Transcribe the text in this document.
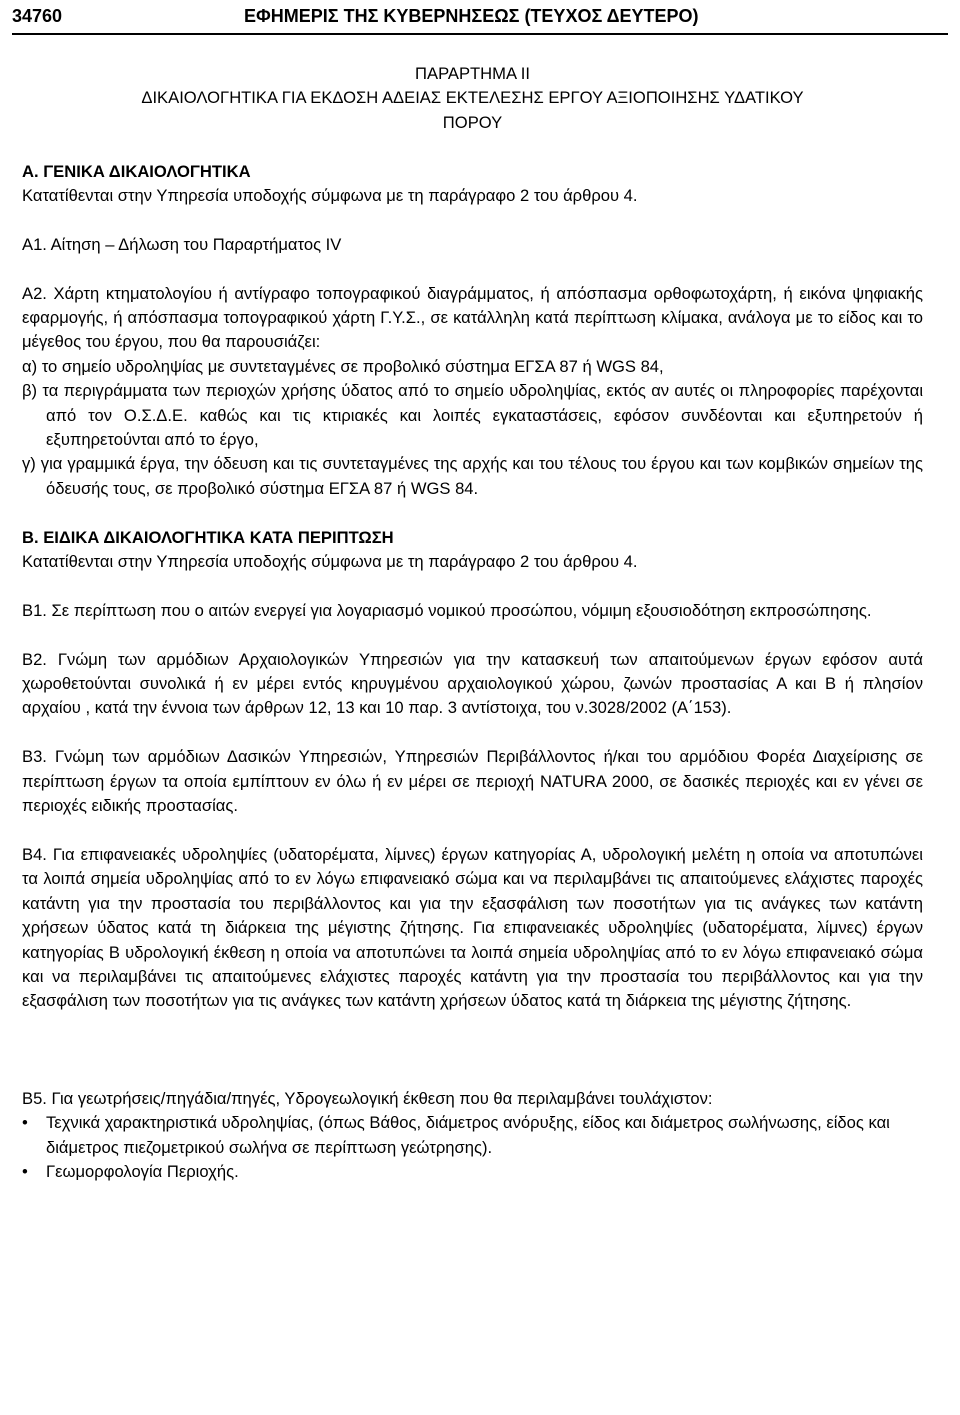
34760	ΕΦΗΜΕΡΙΣ ΤΗΣ ΚΥΒΕΡΝΗΣΕΩΣ (ΤΕΥΧΟΣ ΔΕΥΤΕΡΟ)
ΠΑΡΑΡΤΗΜΑ ΙΙ
ΔΙΚΑΙΟΛΟΓΗΤΙΚΑ ΓΙΑ ΕΚΔΟΣΗ ΑΔΕΙΑΣ ΕΚΤΕΛΕΣΗΣ ΕΡΓΟΥ ΑΞΙΟΠΟΙΗΣΗΣ ΥΔΑΤΙΚΟΥ
ΠΟΡΟΥ
Α. ΓΕΝΙΚΑ ΔΙΚΑΙΟΛΟΓΗΤΙΚΑ

Κατατίθενται στην Υπηρεσία υποδοχής σύμφωνα με τη παράγραφο 2 του άρθρου 4.

Α1. Αίτηση – Δήλωση του Παραρτήματος IV

Α2. Χάρτη κτηματολογίου ή αντίγραφο τοπογραφικού διαγράμματος, ή απόσπασμα ορθοφωτοχάρτη, ή εικόνα ψηφιακής εφαρμογής, ή απόσπασμα τοπογραφικού χάρτη Γ.Υ.Σ., σε κατάλληλη κατά περίπτωση κλίμακα, ανάλογα με το είδος και το μέγεθος του έργου, που θα παρουσιάζει:

α) το σημείο υδροληψίας με συντεταγμένες σε προβολικό σύστημα ΕΓΣΑ 87 ή WGS 84,

β) τα περιγράμματα των περιοχών χρήσης ύδατος από το σημείο υδροληψίας, εκτός αν αυτές οι πληροφορίες παρέχονται από τον Ο.Σ.Δ.Ε. καθώς και τις κτιριακές και λοιπές εγκαταστάσεις, εφόσον συνδέονται και εξυπηρετούν ή εξυπηρετούνται από το έργο,

γ) για γραμμικά έργα, την όδευση και τις συντεταγμένες της αρχής και του τέλους του έργου και των κομβικών σημείων της όδευσής τους, σε προβολικό σύστημα ΕΓΣΑ 87 ή WGS 84.

Β. ΕΙΔΙΚΑ ΔΙΚΑΙΟΛΟΓΗΤΙΚΑ ΚΑΤΑ ΠΕΡΙΠΤΩΣΗ

Κατατίθενται στην Υπηρεσία υποδοχής σύμφωνα με τη παράγραφο 2 του άρθρου 4.

Β1. Σε περίπτωση που ο αιτών ενεργεί για λογαριασμό νομικού προσώπου, νόμιμη εξουσιοδότηση εκπροσώπησης.

Β2. Γνώμη των αρμόδιων Αρχαιολογικών Υπηρεσιών για την κατασκευή των απαιτούμενων έργων εφόσον αυτά χωροθετούνται συνολικά ή εν μέρει εντός κηρυγμένου αρχαιολογικού χώρου, ζωνών προστασίας Α και Β ή πλησίον αρχαίου , κατά την έννοια των άρθρων 12, 13 και 10 παρ. 3 αντίστοιχα, του ν.3028/2002 (Α΄153).

Β3. Γνώμη των αρμόδιων Δασικών Υπηρεσιών, Υπηρεσιών Περιβάλλοντος ή/και του αρμόδιου Φορέα Διαχείρισης σε περίπτωση έργων τα οποία εμπίπτουν εν όλω ή εν μέρει σε περιοχή NATURA 2000, σε δασικές περιοχές και εν γένει σε περιοχές ειδικής προστασίας.

Β4. Για επιφανειακές υδροληψίες (υδατορέματα, λίμνες) έργων κατηγορίας Α, υδρολογική μελέτη η οποία να αποτυπώνει τα λοιπά σημεία υδροληψίας από το εν λόγω επιφανειακό σώμα και να περιλαμβάνει τις απαιτούμενες ελάχιστες παροχές κατάντη για την προστασία του περιβάλλοντος και για την εξασφάλιση των ποσοτήτων για τις ανάγκες των κατάντη χρήσεων ύδατος κατά τη διάρκεια της μέγιστης ζήτησης. Για επιφανειακές υδροληψίες (υδατορέματα, λίμνες) έργων κατηγορίας Β υδρολογική έκθεση η οποία να αποτυπώνει τα λοιπά σημεία υδροληψίας από το εν λόγω επιφανειακό σώμα και να περιλαμβάνει τις απαιτούμενες ελάχιστες παροχές κατάντη για την προστασία του περιβάλλοντος και για την εξασφάλιση των ποσοτήτων για τις ανάγκες των κατάντη χρήσεων ύδατος κατά τη διάρκεια της μέγιστης ζήτησης.

Β5. Για γεωτρήσεις/πηγάδια/πηγές, Υδρογεωλογική έκθεση που θα περιλαμβάνει τουλάχιστον:

• Τεχνικά χαρακτηριστικά υδροληψίας, (όπως Βάθος, διάμετρος ανόρυξης, είδος και διάμετρος σωλήνωσης, είδος και διάμετρος πιεζομετρικού σωλήνα σε περίπτωση γεώτρησης).
• Γεωμορφολογία Περιοχής.
